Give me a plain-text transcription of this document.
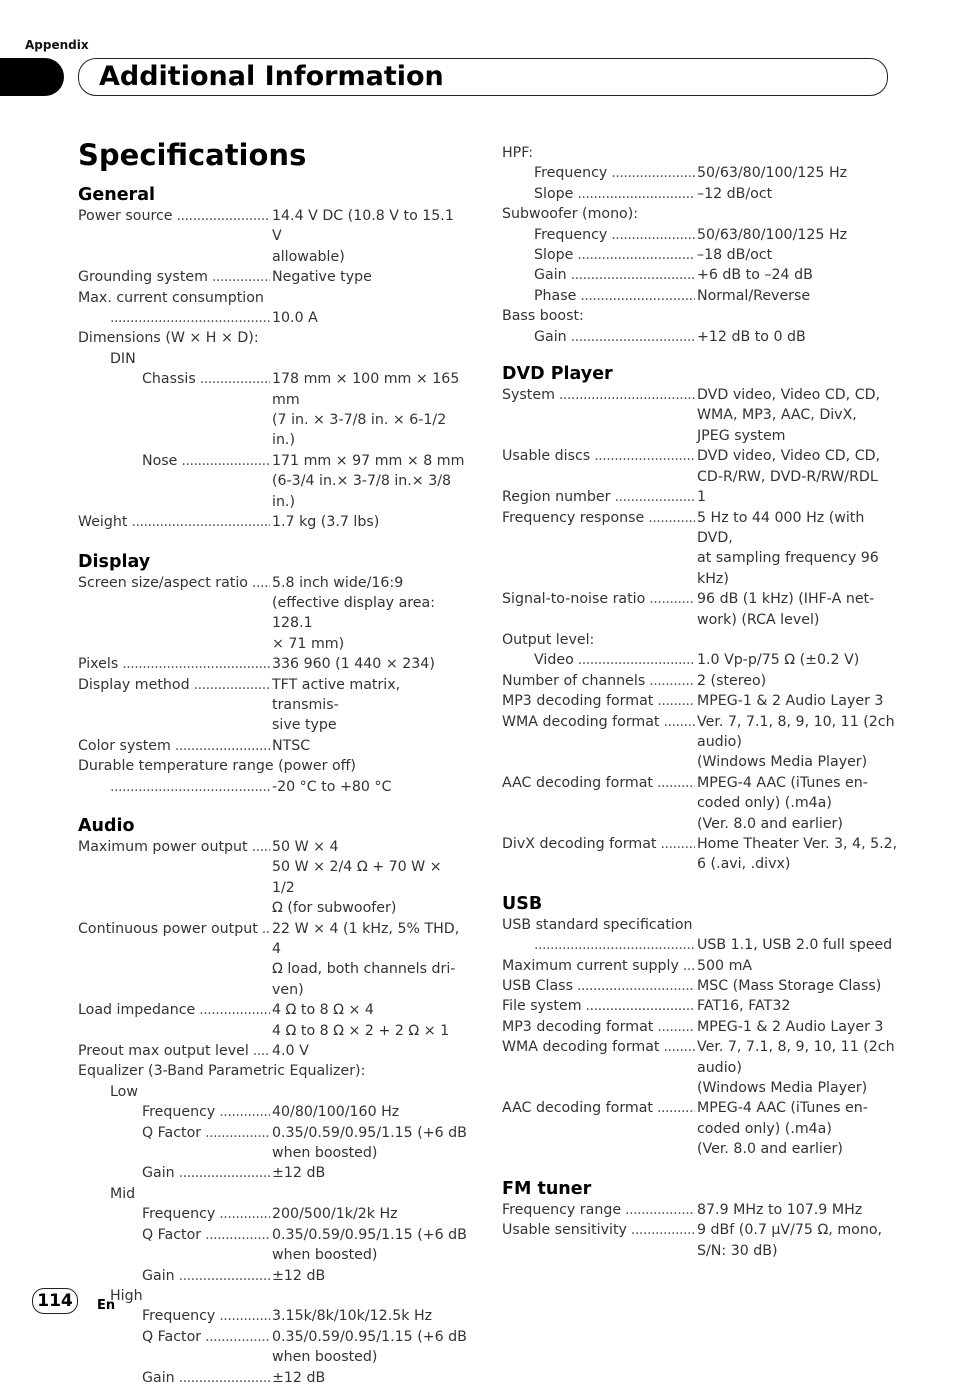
Appendix
Additional Information
Specifications
General
Power source .....	14.4 V DC (10.8 V to 15.1 V
allowable)
Grounding system .....	Negative type
Max. current consumption
.....
10.0 A
Dimensions (W × H × D):
DIN
Chassis .....	178 mm × 100 mm × 165
mm
(7 in. × 3-7/8 in. × 6-1/2 in.)
Nose .....	171 mm × 97 mm × 8 mm
(6-3/4 in.× 3-7/8 in.× 3/8 in.)
Weight .....	1.7 kg (3.7 lbs)
Display
Screen size/aspect ratio ..... 5.8 inch wide/16:9
(effective display area: 128.1
× 71 mm)
Pixels .....	336 960 (1 440 × 234)
Display method .....	TFT active matrix, transmis-
sive type
Color system .....	NTSC
Durable temperature range (power off)
.....
-20 °C to +80 °C
Audio
Maximum power output ..... 50 W × 4
50 W × 2/4 Ω + 70 W × 1/2
Ω (for subwoofer)
Continuous power output ..... 22 W × 4 (1 kHz, 5% THD, 4
Ω load, both channels dri-
ven)
Load impedance .....	4 Ω to 8 Ω × 4
4 Ω to 8 Ω × 2 + 2 Ω × 1
Preout max output level ..... 4.0 V
Equalizer (3-Band Parametric Equalizer):
Low
Frequency .....	40/80/100/160 Hz
Q Factor .....	0.35/0.59/0.95/1.15 (+6 dB
when boosted)
Gain .....	±12 dB
Mid
Frequency .....	200/500/1k/2k Hz
Q Factor .....	0.35/0.59/0.95/1.15 (+6 dB
when boosted)
Gain .....	±12 dB
High
Frequency .....	3.15k/8k/10k/12.5k Hz
Q Factor .....	0.35/0.59/0.95/1.15 (+6 dB
when boosted)
Gain .....	±12 dB
HPF:
Frequency .....	50/63/80/100/125 Hz
Slope .....	–12 dB/oct
Subwoofer (mono):
Frequency .....	50/63/80/100/125 Hz
Slope .....	–18 dB/oct
Gain .....	+6 dB to –24 dB
Phase .....	Normal/Reverse
Bass boost:
Gain .....	+12 dB to 0 dB
DVD Player
System .....	DVD video, Video CD, CD,
WMA, MP3, AAC, DivX,
JPEG system
Usable discs .....	DVD video, Video CD, CD,
CD-R/RW, DVD-R/RW/RDL
Region number .....	1
Frequency response .....	5 Hz to 44 000 Hz (with DVD,
at sampling frequency 96
kHz)
Signal-to-noise ratio .....	96 dB (1 kHz) (IHF-A net-
work) (RCA level)
Output level:
Video .....	1.0 Vp-p/75 Ω (±0.2 V)
Number of channels .....	2 (stereo)
MP3 decoding format .....	MPEG-1 & 2 Audio Layer 3
WMA decoding format .....	Ver. 7, 7.1, 8, 9, 10, 11 (2ch
audio)
(Windows Media Player)
AAC decoding format .....	MPEG-4 AAC (iTunes en-
coded only) (.m4a)
(Ver. 8.0 and earlier)
DivX decoding format .....	Home Theater Ver. 3, 4, 5.2,
6 (.avi, .divx)
USB
USB standard specification
.....
USB 1.1, USB 2.0 full speed
Maximum current supply ..... 500 mA
USB Class .....	MSC (Mass Storage Class)
File system .....	FAT16, FAT32
MP3 decoding format .....	MPEG-1 & 2 Audio Layer 3
WMA decoding format .....	Ver. 7, 7.1, 8, 9, 10, 11 (2ch
audio)
(Windows Media Player)
AAC decoding format .....	MPEG-4 AAC (iTunes en-
coded only) (.m4a)
(Ver. 8.0 and earlier)
FM tuner
Frequency range .....	87.9 MHz to 107.9 MHz
Usable sensitivity .....	9 dBf (0.7 μV/75 Ω, mono,
S/N: 30 dB)
114	En
